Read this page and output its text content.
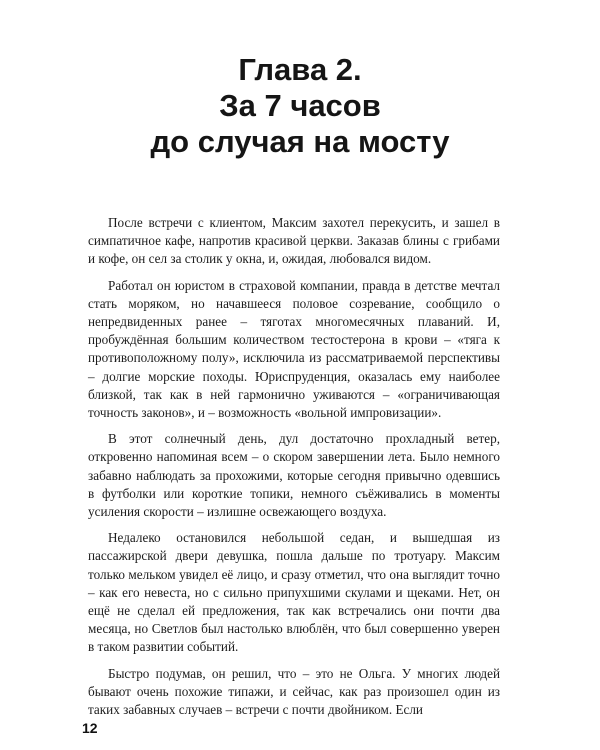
Глава 2.
За 7 часов
до случая на мосту

После встречи с клиентом, Максим захотел перекусить, и зашел в симпатичное кафе, напротив красивой церкви. Заказав блины с грибами и кофе, он сел за столик у окна, и, ожидая, любовался видом.

Работал он юристом в страховой компании, правда в детстве мечтал стать моряком, но начавшееся половое созревание, сообщило о непредвиденных ранее – тяготах многомесячных плаваний. И, пробуждённая большим количеством тестостерона в крови – «тяга к противоположному полу», исключила из рассматриваемой перспективы – долгие морские походы. Юриспруденция, оказалась ему наиболее близкой, так как в ней гармонично уживаются – «ограничивающая точность законов», и – возможность «вольной импровизации».

В этот солнечный день, дул достаточно прохладный ветер, откровенно напоминая всем – о скором завершении лета. Было немного забавно наблюдать за прохожими, которые сегодня привычно одевшись в футболки или короткие топики, немного съёживались в моменты усиления скорости – излишне освежающего воздуха.

Недалеко остановился небольшой седан, и вышедшая из пассажирской двери девушка, пошла дальше по тротуару. Максим только мельком увидел её лицо, и сразу отметил, что она выглядит точно – как его невеста, но с сильно припухшими скулами и щеками. Нет, он ещё не сделал ей предложения, так как встречались они почти два месяца, но Светлов был настолько влюблён, что был совершенно уверен в таком развитии событий.

Быстро подумав, он решил, что – это не Ольга. У многих людей бывают очень похожие типажи, и сейчас, как раз произошел один из таких забавных случаев – встречи с почти двойником. Если

12
